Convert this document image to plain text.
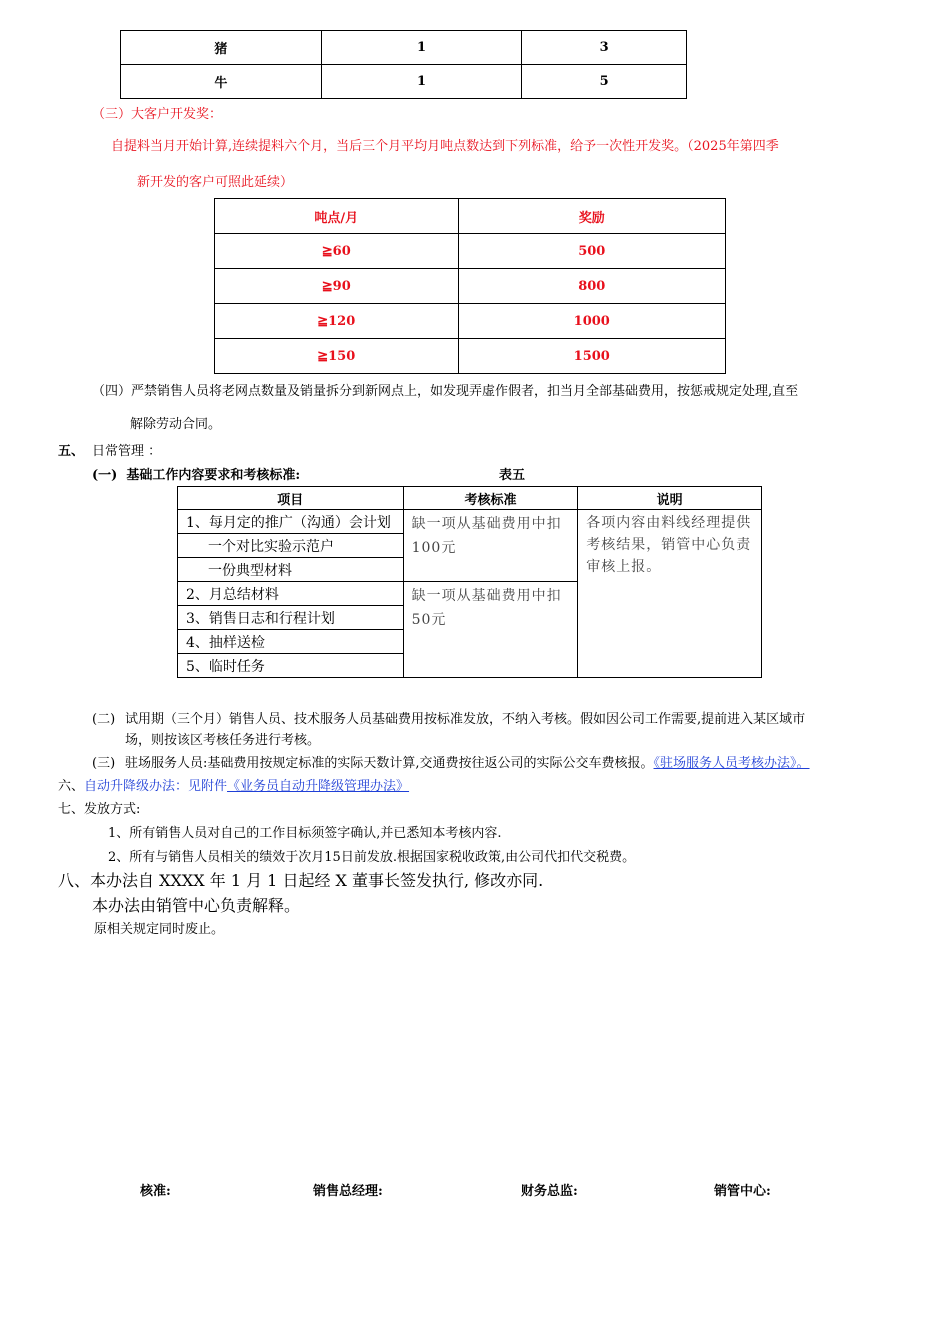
猪	1	3
牛	1	5
（三）大客户开发奖：
自提料当月开始计算,连续提料六个月，当后三个月平均月吨点数达到下列标准，给予一次性开发奖。（2025年第四季
新开发的客户可照此延续）
吨点/月	奖励
≧60	500
≧90	800
≧120	1000
≧150	1500
（四）严禁销售人员将老网点数量及销量拆分到新网点上，如发现弄虚作假者，扣当月全部基础费用，按惩戒规定处理,直至
解除劳动合同。
五、 日常管理 ：
(一)  基础工作内容要求和考核标准:	表五
项目	考核标准	说明
1、每月定的推广（沟通）会计划	缺一项从基础费用中扣100元	各项内容由料线经理提供考核结果，销管中心负责审核上报。
一个对比实验示范户		
一份典型材料		
2、月总结材料	缺一项从基础费用中扣50元	
3、销售日志和行程计划		
4、抽样送检		
5、临时任务		
(二) 试用期（三个月）销售人员、技术服务人员基础费用按标准发放，不纳入考核。假如因公司工作需要,提前进入某区域市
场，则按该区考核任务进行考核。
(三) 驻场服务人员:基础费用按规定标准的实际天数计算,交通费按往返公司的实际公交车费核报。《驻场服务人员考核办法》。
六、自动升降级办法：见附件《业务员自动升降级管理办法》
七、发放方式:
1、所有销售人员对自己的工作目标须签字确认,并已悉知本考核内容.
2、所有与销售人员相关的绩效于次月15日前发放.根据国家税收政策,由公司代扣代交税费。
八、本办法自 XXXX 年 1 月 1 日起经 X 董事长签发执行, 修改亦同.
本办法由销管中心负责解释。
原相关规定同时废止。
核准:	销售总经理:	财务总监:	销管中心:
